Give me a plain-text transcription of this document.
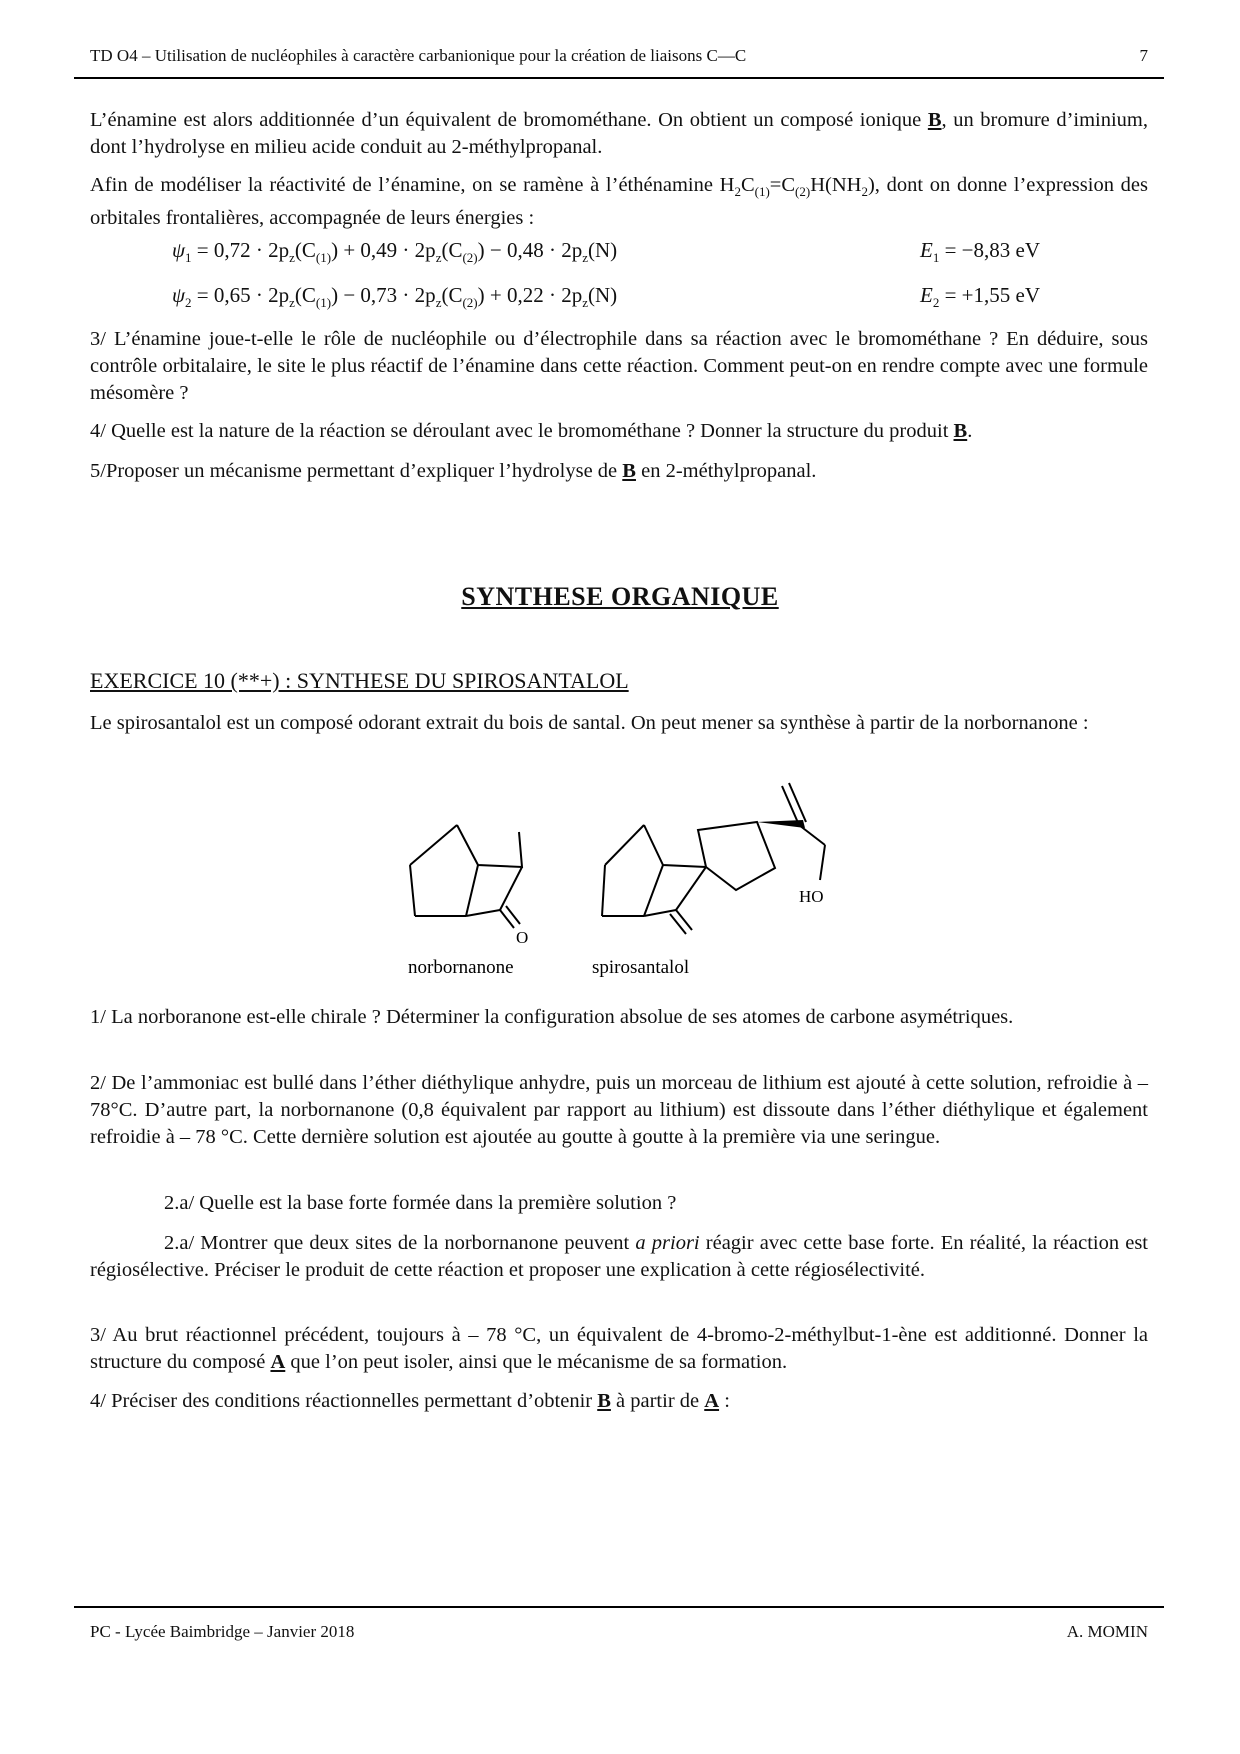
TD O4 – Utilisation de nucléophiles à caractère carbanionique pour la création de liaisons C—C	7

L’énamine est alors additionnée d’un équivalent de bromométhane. On obtient un composé ionique B, un bromure d’iminium, dont l’hydrolyse en milieu acide conduit au 2-méthylpropanal.

Afin de modéliser la réactivité de l’énamine, on se ramène à l’éthénamine $H_2C_{(1)}=C_{(2)}H(NH_2)$, dont on donne l’expression des orbitales frontalières, accompagnée de leurs énergies :

$\psi_1 = 0,72 \cdot 2p_z(C_{(1)}) + 0,49 \cdot 2p_z(C_{(2)}) - 0,48 \cdot 2p_z(N)$	$E_1 = -8,83$ eV
$\psi_2 = 0,65 \cdot 2p_z(C_{(1)}) - 0,73 \cdot 2p_z(C_{(2)}) + 0,22 \cdot 2p_z(N)$	$E_2 = +1,55$ eV

3/ L’énamine joue-t-elle le rôle de nucléophile ou d’électrophile dans sa réaction avec le bromométhane ? En déduire, sous contrôle orbitalaire, le site le plus réactif de l’énamine dans cette réaction. Comment peut-on en rendre compte avec une formule mésomère ?

4/ Quelle est la nature de la réaction se déroulant avec le bromométhane ? Donner la structure du produit B.

5/Proposer un mécanisme permettant d’expliquer l’hydrolyse de B en 2-méthylpropanal.

SYNTHESE ORGANIQUE
EXERCICE 10 (**+) : SYNTHESE DU SPIROSANTALOL

Le spirosantalol est un composé odorant extrait du bois de santal. On peut mener sa synthèse à partir de la norbornanone :

O
norbornanone
HO
spirosantalol

1/ La norboranone est-elle chirale ? Déterminer la configuration absolue de ses atomes de carbone asymétriques.

2/ De l’ammoniac est bullé dans l’éther diéthylique anhydre, puis un morceau de lithium est ajouté à cette solution, refroidie à – 78°C. D’autre part, la norbornanone (0,8 équivalent par rapport au lithium) est dissoute dans l’éther diéthylique et également refroidie à – 78 °C. Cette dernière solution est ajoutée au goutte à goutte à la première via une seringue.

2.a/ Quelle est la base forte formée dans la première solution ?

2.a/ Montrer que deux sites de la norbornanone peuvent a priori réagir avec cette base forte. En réalité, la réaction est régiosélective. Préciser le produit de cette réaction et proposer une explication à cette régiosélectivité.

3/ Au brut réactionnel précédent, toujours à – 78 °C, un équivalent de 4-bromo-2-méthylbut-1-ène est additionné. Donner la structure du composé A que l’on peut isoler, ainsi que le mécanisme de sa formation.

4/ Préciser des conditions réactionnelles permettant d’obtenir B à partir de A :

PC - Lycée Baimbridge – Janvier 2018	A. MOMIN
